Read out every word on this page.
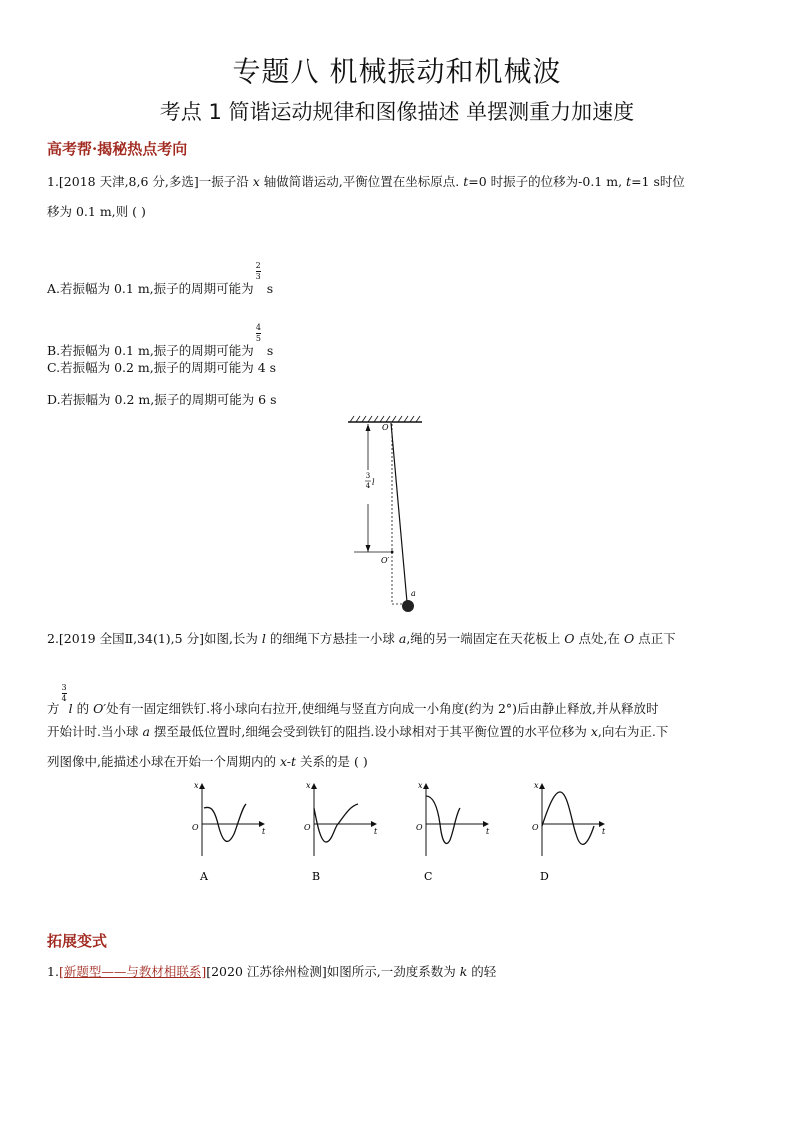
专题八 机械振动和机械波
考点 1 简谐运动规律和图像描述 单摆测重力加速度
高考帮·揭秘热点考向
1.[2018 天津,8,6 分,多选]一振子沿 x 轴做简谐运动,平衡位置在坐标原点. t=0 时振子的位移为-0.1 m, t=1 s时位
移为 0.1 m,则 ( )
A.若振幅为 0.1 m,振子的周期可能为
$\frac{2}{3}$
s
B.若振幅为 0.1 m,振子的周期可能为
$\frac{4}{5}$
s
C.若振幅为 0.2 m,振子的周期可能为 4 s
D.若振幅为 0.2 m,振子的周期可能为 6 s
3
4 l
O
O′
a
2.[2019 全国Ⅱ,34(1),5 分]如图,长为 l 的细绳下方悬挂一小球 a,绳的另一端固定在天花板上 O 点处,在 O 点正下
方
$\frac{3}{4}$
l 的 O′处有一固定细铁钉.将小球向右拉开,使细绳与竖直方向成一小角度(约为 2°)后由静止释放,并从释放时
开始计时.当小球 a 摆至最低位置时,细绳会受到铁钉的阻挡.设小球相对于其平衡位置的水平位移为 x,向右为正.下
列图像中,能描述小球在开始一个周期内的 x-t 关系的是 ( )
x
t
O
A
x
t
O
B
x
t
O
C
x
t
O
D
拓展变式
1.[新题型——与教材相联系][2020 江苏徐州检测]如图所示,一劲度系数为 k 的轻
